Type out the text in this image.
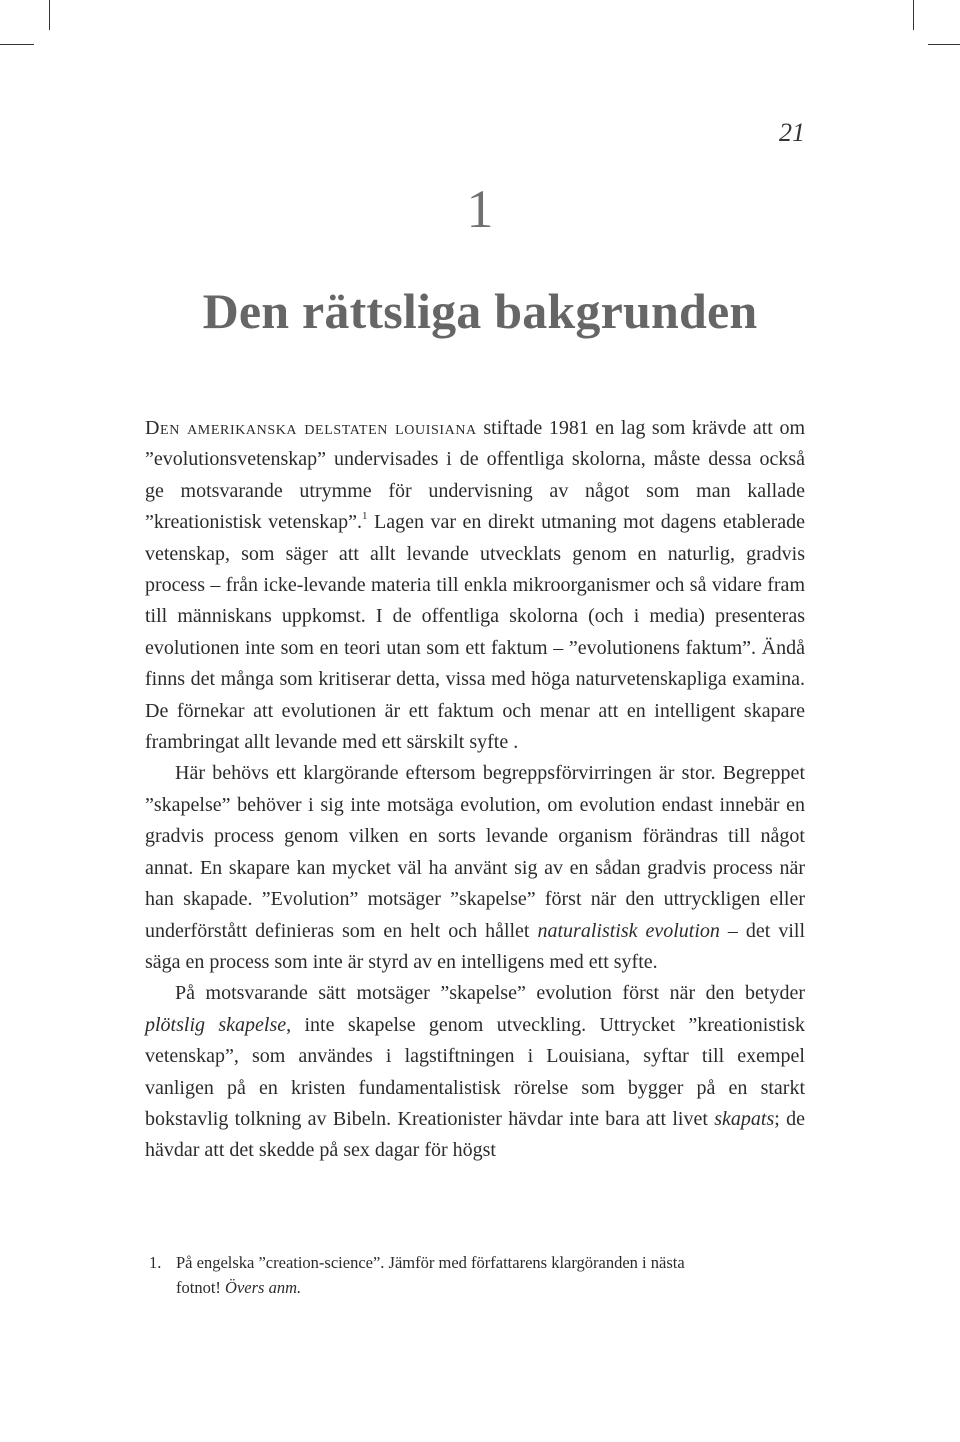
21
1
Den rättsliga bakgrunden

Den amerikanska delstaten louisiana stiftade 1981 en lag som krävde att om ”evolutionsvetenskap” undervisades i de offentliga skolorna, måste dessa också ge motsvarande utrymme för undervisning av något som man kallade ”kreationistisk vetenskap”.$^1$ Lagen var en direkt utmaning mot dagens etablerade vetenskap, som säger att allt levande utvecklats genom en naturlig, gradvis process – från icke-levande materia till enkla mikroorganismer och så vidare fram till människans uppkomst. I de offentliga skolorna (och i media) presenteras evolutionen inte som en teori utan som ett faktum – ”evolutionens faktum”. Ändå finns det många som kritiserar detta, vissa med höga naturvetenskapliga examina. De förnekar att evolutionen är ett faktum och menar att en intelligent skapare frambringat allt levande med ett särskilt syfte .

Här behövs ett klargörande eftersom begreppsförvirringen är stor. Begreppet ”skapelse” behöver i sig inte motsäga evolution, om evolution endast innebär en gradvis process genom vilken en sorts levande organism förändras till något annat. En skapare kan mycket väl ha använt sig av en sådan gradvis process när han skapade. ”Evolution” motsäger ”skapelse” först när den uttryckligen eller underförstått definieras som en helt och hållet naturalistisk evolution – det vill säga en process som inte är styrd av en intelligens med ett syfte.

På motsvarande sätt motsäger ”skapelse” evolution först när den betyder plötslig skapelse, inte skapelse genom utveckling. Uttrycket ”kreationistisk vetenskap”, som användes i lagstiftningen i Louisiana, syftar till exempel vanligen på en kristen fundamentalistisk rörelse som bygger på en starkt bokstavlig tolkning av Bibeln. Kreationister hävdar inte bara att livet skapats; de hävdar att det skedde på sex dagar för högst

1. På engelska ”creation-science”. Jämför med författarens klargöranden i nästa
fotnot! Övers anm.
